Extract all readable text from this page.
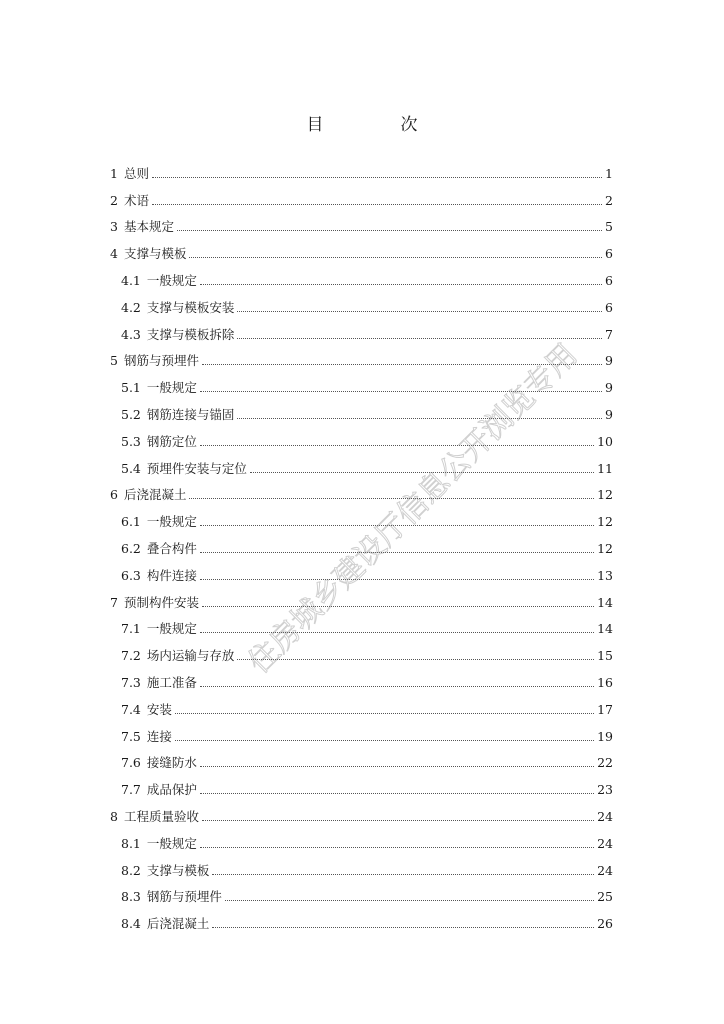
目　次
1 总则	1
2 术语	2
3 基本规定	5
4 支撑与模板	6
4.1 一般规定	6
4.2 支撑与模板安装	6
4.3 支撑与模板拆除	7
5 钢筋与预埋件	9
5.1 一般规定	9
5.2 钢筋连接与锚固	9
5.3 钢筋定位	10
5.4 预埋件安装与定位	11
6 后浇混凝土	12
6.1 一般规定	12
6.2 叠合构件	12
6.3 构件连接	13
7 预制构件安装	14
7.1 一般规定	14
7.2 场内运输与存放	15
7.3 施工准备	16
7.4 安装	17
7.5 连接	19
7.6 接缝防水	22
7.7 成品保护	23
8 工程质量验收	24
8.1 一般规定	24
8.2 支撑与模板	24
8.3 钢筋与预埋件	25
8.4 后浇混凝土	26
住房城乡建设厅信息公开浏览专用
